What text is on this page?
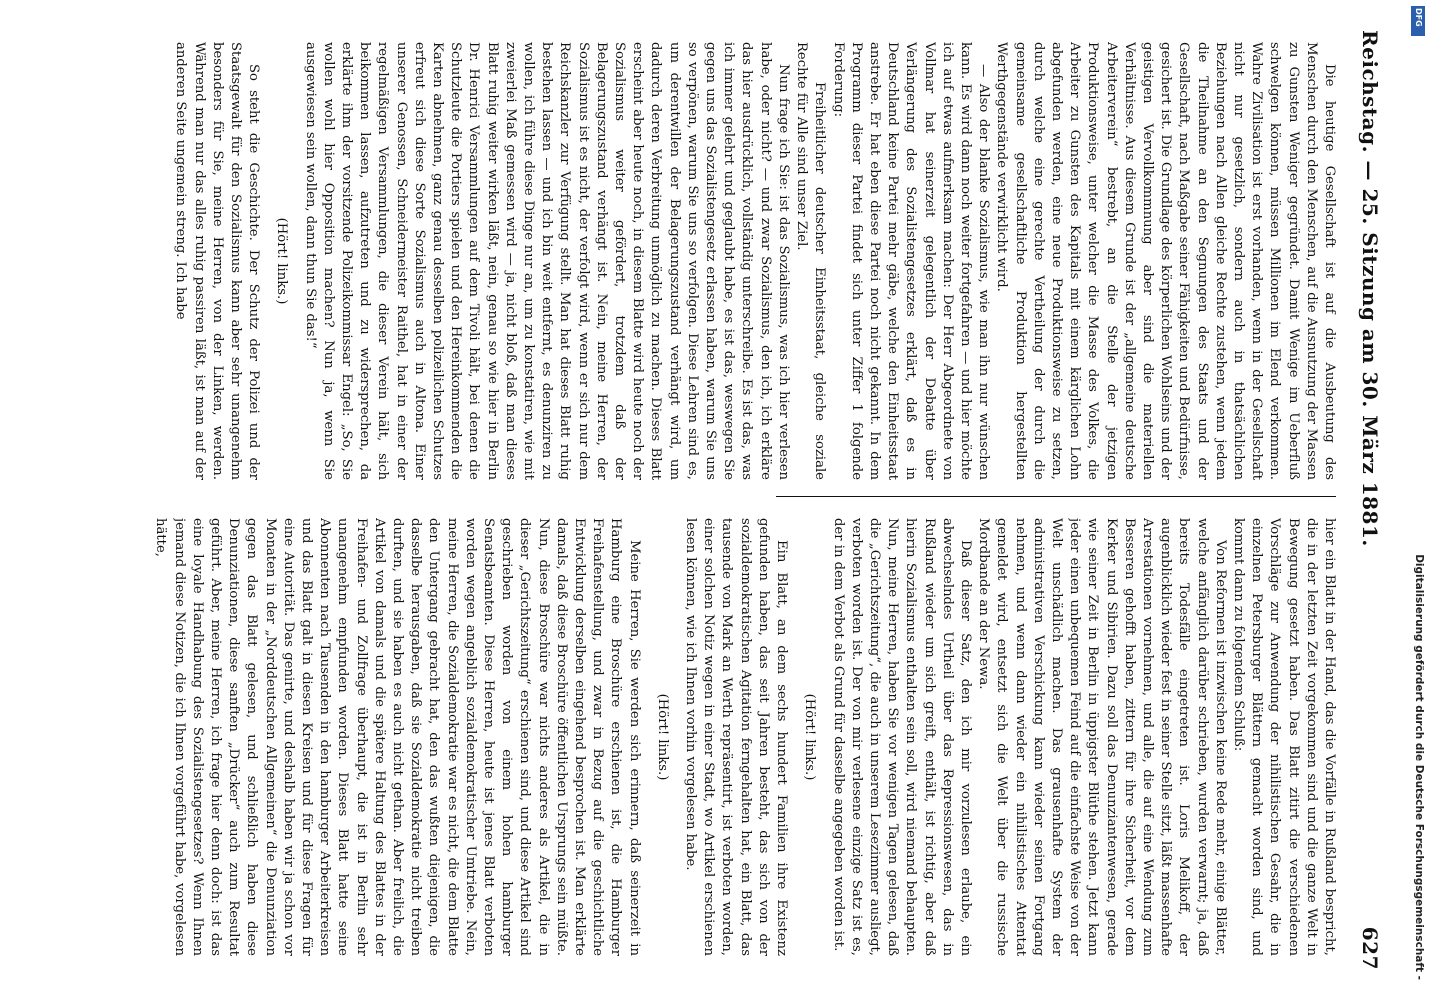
Reichstag. — 25. Sitzung am 30. März 1881.
627

Die heutige Gesellschaft ist auf die Ausbeutung des Menschen durch den Menschen, auf die Ausnutzung der Massen zu Gunsten Weniger gegründet. Damit Wenige im Ueberfluß schwelgen können, müssen Millionen im Elend verkommen. Wahre Zivilisation ist erst vorhanden, wenn in der Gesellschaft nicht nur gesetzlich, sondern auch in thatsächlichen Beziehungen nach Allen gleiche Rechte zustehen, wenn jedem die Theilnahme an den Segnungen des Staats und der Gesellschaft, nach Maßgabe seiner Fähigkeiten und Bedürfnisse, gesichert ist. Die Grundlage des körperlichen Wohlseins und der geistigen Vervollkommnung aber sind die materiellen Verhältnisse. Aus diesem Grunde ist der „allgemeine deutsche Arbeiterverein“ bestrebt, an die Stelle der jetzigen Produktionsweise, unter welcher die Masse des Volkes, die Arbeiter zu Gunsten des Kapitals mit einem kärglichen Lohn abgefunden werden, eine neue Produktionsweise zu setzen, durch welche eine gerechte Vertheilung der durch die gemeinsame gesellschaftliche Produktion hergestellten Werthgegenstände verwirklicht wird.

— Also der blanke Sozialismus, wie man ihn nur wünschen kann. Es wird dann noch weiter fortgefahren — und hier möchte ich auf etwas aufmerksam machen: Der Herr Abgeordnete von Vollmar hat seinerzeit gelegentlich der Debatte über Verlängerung des Sozialistengesetzes erklärt, daß es in Deutschland keine Partei mehr gäbe, welche den Einheitsstaat anstrebe. Er hat eben diese Partei noch nicht gekannt. In dem Programm dieser Partei findet sich unter Ziffer 1 folgende Forderung:

Freiheitlicher deutscher Einheitsstaat, gleiche soziale Rechte für Alle sind unser Ziel.

Nun frage ich Sie: ist das Sozialismus, was ich hier verlesen habe, oder nicht? — und zwar Sozialismus, den ich, ich erkläre das hier ausdrücklich, vollständig unterschreibe. Es ist das, was ich immer gelehrt und geglaubt habe, es ist das, weswegen Sie gegen uns das Sozialistengesetz erlassen haben, warum Sie uns so verpönen, warum Sie uns so verfolgen. Diese Lehren sind es, um derentwillen der Belagerungszustand verhängt wird, um dadurch deren Verbreitung unmöglich zu machen. Dieses Blatt erscheint aber heute noch, in diesem Blatte wird heute noch der Sozialismus weiter gefördert, trotzdem daß der Belagerungszustand verhängt ist. Nein, meine Herren, der Sozialismus ist es nicht, der verfolgt wird, wenn er sich nur dem Reichskanzler zur Verfügung stellt. Man hat dieses Blatt ruhig bestehen lassen — und ich bin weit entfernt, es denunziren zu wollen, ich führe diese Dinge nur an, um zu konstatiren, wie mit zweierlei Maß gemessen wird — ja, nicht bloß, daß man dieses Blatt ruhig weiter wirken läßt, nein, genau so wie hier in Berlin Dr. Henrici Versammlungen auf dem Tivoli hält, bei denen die Schutzleute die Portiers spielen und den Hereinkommenden die Karten abnehmen, ganz genau desselben polizeilichen Schutzes erfreut sich diese Sorte Sozialismus auch in Altona. Einer unserer Genossen, Schneidermeister Raithel, hat in einer der regelmäßigen Versammlungen, die dieser Verein hält, sich beikommen lassen, aufzutreten und zu widersprechen, da erklärte ihm der vorsitzende Polizeikommissar Engel: „So, Sie wollen wohl hier Opposition machen? Nun ja, wenn Sie ausgewiesen sein wollen, dann thun Sie das!“

(Hört! links.)

So steht die Geschichte. Der Schutz der Polizei und der Staatsgewalt für den Sozialismus kann aber sehr unangenehm besonders für Sie, meine Herren, von der Linken, werden. Während man nur das alles ruhig passiren läßt, ist man auf der anderen Seite ungemein streng. Ich habe

hier ein Blatt in der Hand, das die Vorfälle in Rußland bespricht, die in der letzten Zeit vorgekommen sind und die ganze Welt in Bewegung gesetzt haben. Das Blatt zitirt die verschiedenen Vorschläge zur Anwendung der nihilistischen Gesahr, die in einzelnen Petersburger Blättern gemacht worden sind, und kommt dann zu folgendem Schluß:

Von Reformen ist inzwischen keine Rede mehr, einige Blätter, welche anfänglich darüber schrieben, wurden verwarnt; ja, daß bereits Todesfälle eingetreten ist. Loris Melikoff, der augenblicklich wieder fest in seiner Stelle sitzt, läßt massenhafte Arrestationen vornehmen, und alle, die auf eine Wendung zum Besseren gehofft haben, zittern für ihre Sicherheit, vor dem Kerker und Sibirien. Dazu soll das Denunziantenwesen, gerade wie seiner Zeit in Berlin in üppigster Blüthe stehen. Jetzt kann jeder einen unbequemen Feind auf die einfachste Weise von der Welt unschädlich machen. Das grausenhafte System der administrativen Verschickung kann wieder seinen Fortgang nehmen, und wenn dann wieder ein nihilistisches Attentat gemeldet wird, entsetzt sich die Welt über die russische Mordbande an der Newa.

Daß dieser Satz, den ich mir vorzulesen erlaube, ein abwechselndes Urtheil über das Repressionswesen, das in Rußland wieder um sich greift, enthält, ist richtig, aber daß hierin Sozialismus enthalten sein soll, wird niemand behaupten. Nun, meine Herren, haben Sie vor wenigen Tagen gelesen, daß die „Gerichtszeitung“, die auch in unserem Lesezimmer ausliegt, verboten worden ist. Der von mir verlesene einzige Satz ist es, der in dem Verbot als Grund für dasselbe angegeben worden ist.

(Hört! links.)

Ein Blatt, an dem sechs hundert Familien ihre Existenz gefunden haben, das seit Jahren besteht, das sich von der sozialdemokratischen Agitation ferngehalten hat, ein Blatt, das tausende von Mark an Werth repräsentirt, ist verboten worden, einer solchen Notiz wegen in einer Stadt, wo Artikel erschienen lesen können, wie ich Ihnen vorhin vorgelesen habe.

(Hört! links.)

Meine Herren, Sie werden sich erinnern, daß seinerzeit in Hamburg eine Broschüre erschienen ist, die Hamburger Freihafenstellung, und zwar in Bezug auf die geschichtliche Entwicklung derselben eingehend besprochen ist. Man erklärte damals, daß diese Broschüre öffentlichen Ursprungs sein müßte. Nun, diese Broschüre war nichts anderes als Artikel, die in dieser „Gerichtszeitung“ erschienen sind, und diese Artikel sind geschrieben worden von einem hohen hamburger Senatsbeamten. Diese Herren, heute ist jenes Blatt verboten worden wegen angeblich sozialdemokratischer Umtriebe. Nein, meine Herren, die Sozialdemokratie war es nicht, die dem Blatte den Untergang gebracht hat, den das wußten diejenigen, die dasselbe herausgaben, daß sie Sozialdemokratie nicht treiben durften, und sie haben es auch nicht gethan. Aber freilich, die Artikel von damals und die spätere Haltung des Blattes in der Freihafen- und Zollfrage überhaupt, die ist in Berlin sehr unangenehm empfunden worden. Dieses Blatt hatte seine Abonnenten nach Tausenden in den hamburger Arbeiterkreisen und das Blatt galt in diesen Kreisen und für diese Fragen für eine Autorität. Das genirte, und deshalb haben wir ja schon vor Monaten in der „Norddeutschen Allgemeinen“ die Denunziation gegen das Blatt gelesen, und schließlich haben diese Denunziationen, diese sanften „Drücker“ auch zum Resultat geführt. Aber, meine Herren, ich frage hier denn doch: ist das eine loyale Handhabung des Sozialistengesetzes? Wenn Ihnen jemand diese Notizen, die ich Ihnen vorgeführt habe, vorgelesen hätte,

Digitalisierung gefördert durch die Deutsche Forschungsgemeinschaft -
DFG
